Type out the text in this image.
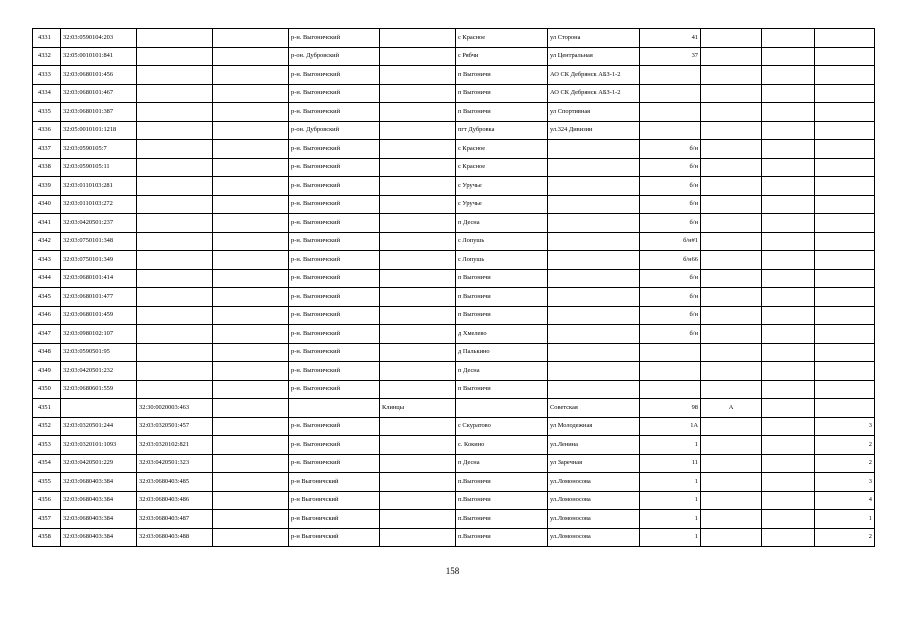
4331	32:03:0590104:203			р-н. Выгоничский		с Красное	ул Сторона	41			
4332	32:05:0010101:841			р-он. Дубровский		с Рябчи	ул Центральная	37			
4333	32:03:0680101:456			р-н. Выгоничский		п Выгоничи	АО СК Дебрянск АБЗ-1-2				
4334	32:03:0680101:467			р-н. Выгоничский		п Выгоничи	АО СК Дебрянск АБЗ-1-2				
4335	32:03:0680101:387			р-н. Выгоничский		п Выгоничи	ул Спортивная				
4336	32:05:0010101:1218			р-он. Дубровский		пгт Дубровка	ул.324 Дивизии				
4337	32:03:0590105:7			р-н. Выгоничский		с Красное		б/н			
4338	32:03:0590105:11			р-н. Выгоничский		с Красное		б/н			
4339	32:03:0110103:281			р-н. Выгоничский		с Уручье		б/н			
4340	32:03:0110103:272			р-н. Выгоничский		с Уручье		б/н			
4341	32:03:0420501:237			р-н. Выгоничский		п Десна		б/н			
4342	32:03:0750101:348			р-н. Выгоничский		с Лопушь		б/н#1			
4343	32:03:0750101:349			р-н. Выгоничский		с Лопушь		б/н66			
4344	32:03:0680101:414			р-н. Выгоничский		п Выгоничи		б/н			
4345	32:03:0680101:477			р-н. Выгоничский		п Выгоничи		б/н			
4346	32:03:0680101:459			р-н. Выгоничский		п Выгоничи		б/н			
4347	32:03:0980102:107			р-н. Выгоничский		д Хмелево		б/н			
4348	32:03:0590501:95			р-н. Выгоничский		д Палькино					
4349	32:03:0420501:232			р-н. Выгоничский		п Десна					
4350	32:03:0680601:559			р-н. Выгоничский		п Выгоничи					
4351		32:30:0020003:463			Клинцы		Советская	98	А		
4352	32:03:0320501:244	32:03:0320501:457		р-н. Выгоничский		с Скуратово	ул Молодежная	1А			3
4353	32:03:0320101:1093	32:03:0320102:821		р-н. Выгоничский		с. Кокино	ул.Ленина	1			2
4354	32:03:0420501:229	32:03:0420501:323		р-н. Выгоничский		п Десна	ул Заречная	11			2
4355	32:03:0680403:384	32:03:0680403:485		р-н Выгоничский		п.Выгоничи	ул.Ломоносова	1			3
4356	32:03:0680403:384	32:03:0680403:486		р-н Выгоничский		п.Выгоничи	ул.Ломоносова	1			4
4357	32:03:0680403:384	32:03:0680403:487		р-н Выгоничский		п.Выгоничи	ул.Ломоносова	1			1
4358	32:03:0680403:384	32:03:0680403:488		р-н Выгоничский		п.Выгоничи	ул.Ломоносова	1			2
158
